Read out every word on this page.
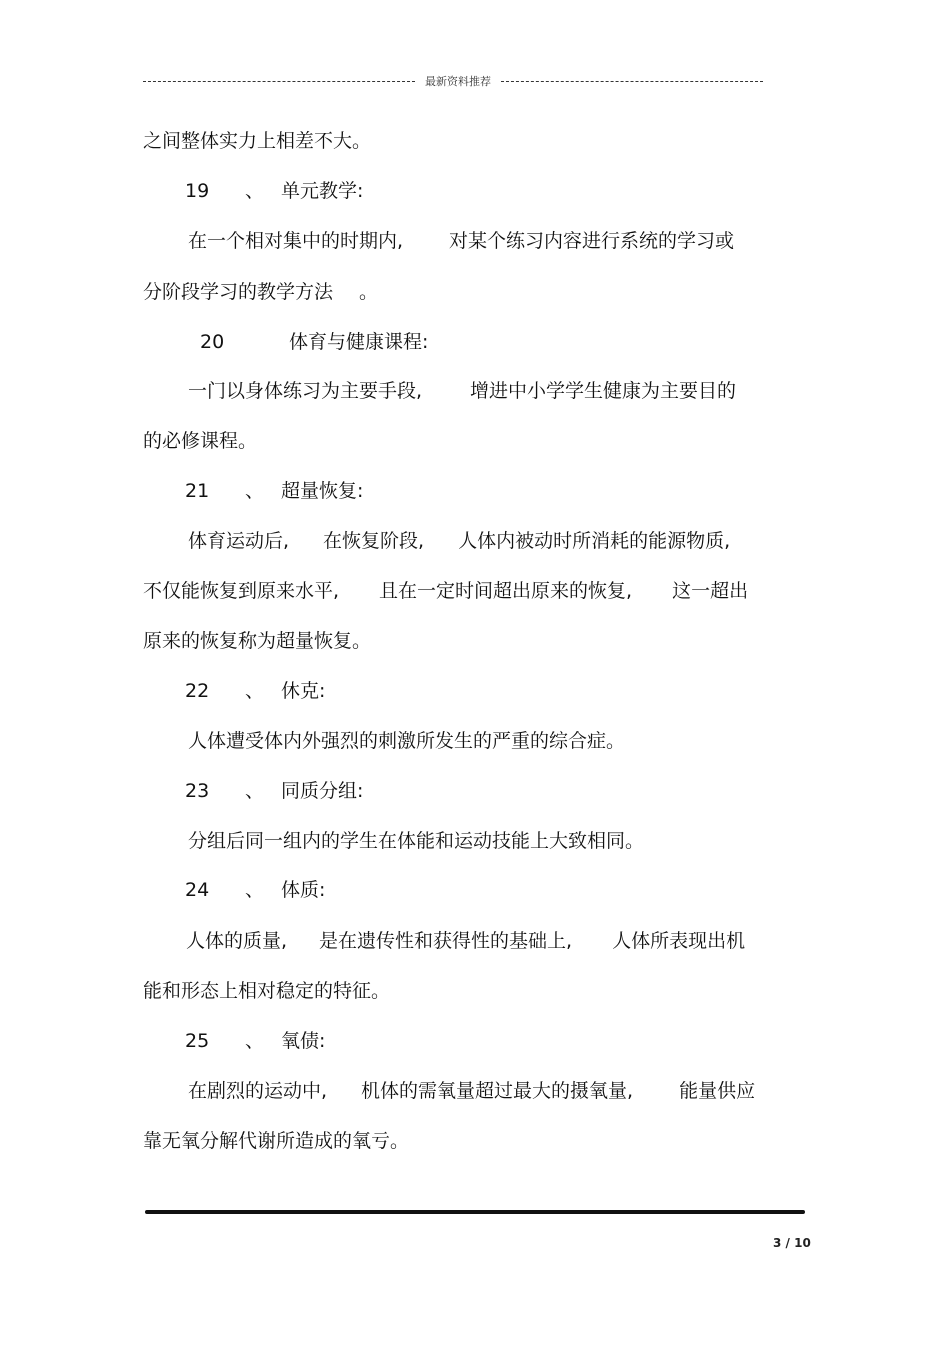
最新资料推荐
之间整体实力上相差不大。
19 、 单元教学:
在一个相对集中的时期内, 对某个练习内容进行系统的学习或
分阶段学习的教学方法 。
20	体育与健康课程:
一门以身体练习为主要手段,	增进中小学学生健康为主要目的
的必修课程。
21 、 超量恢复:
体育运动后, 在恢复阶段, 人体内被动时所消耗的能源物质,
不仅能恢复到原来水平, 且在一定时间超出原来的恢复, 这一超出
原来的恢复称为超量恢复。
22 、 休克:
人体遭受体内外强烈的刺激所发生的严重的综合症。
23 、 同质分组:
分组后同一组内的学生在体能和运动技能上大致相同。
24 、 体质:
人体的质量, 是在遗传性和获得性的基础上, 人体所表现出机
能和形态上相对稳定的特征。
25 、 氧债:
在剧烈的运动中, 机体的需氧量超过最大的摄氧量, 能量供应
靠无氧分解代谢所造成的氧亏。
3 / 10
